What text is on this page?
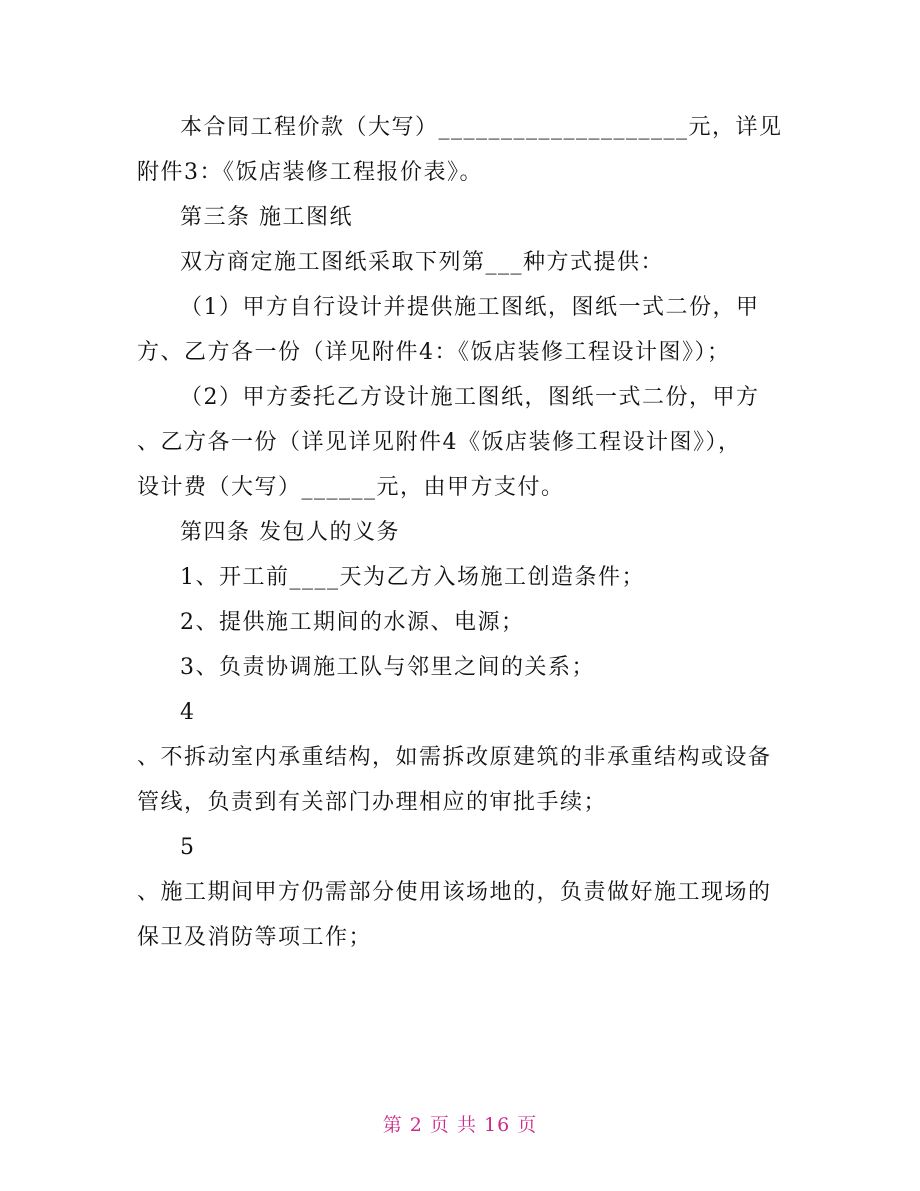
本合同工程价款（大写）____________________元，详见
附件3：《饭店装修工程报价表》。
第三条 施工图纸
双方商定施工图纸采取下列第___种方式提供：
（1）甲方自行设计并提供施工图纸，图纸一式二份，甲
方、乙方各一份（详见附件4：《饭店装修工程设计图》）；
（2）甲方委托乙方设计施工图纸，图纸一式二份，甲方
、乙方各一份（详见详见附件4《饭店装修工程设计图》），
设计费（大写）______元，由甲方支付。
第四条 发包人的义务
1、开工前____天为乙方入场施工创造条件；
2、提供施工期间的水源、电源；
3、负责协调施工队与邻里之间的关系；
4
、不拆动室内承重结构，如需拆改原建筑的非承重结构或设备
管线，负责到有关部门办理相应的审批手续；
5
、施工期间甲方仍需部分使用该场地的，负责做好施工现场的
保卫及消防等项工作；
第 2 页 共 16 页
